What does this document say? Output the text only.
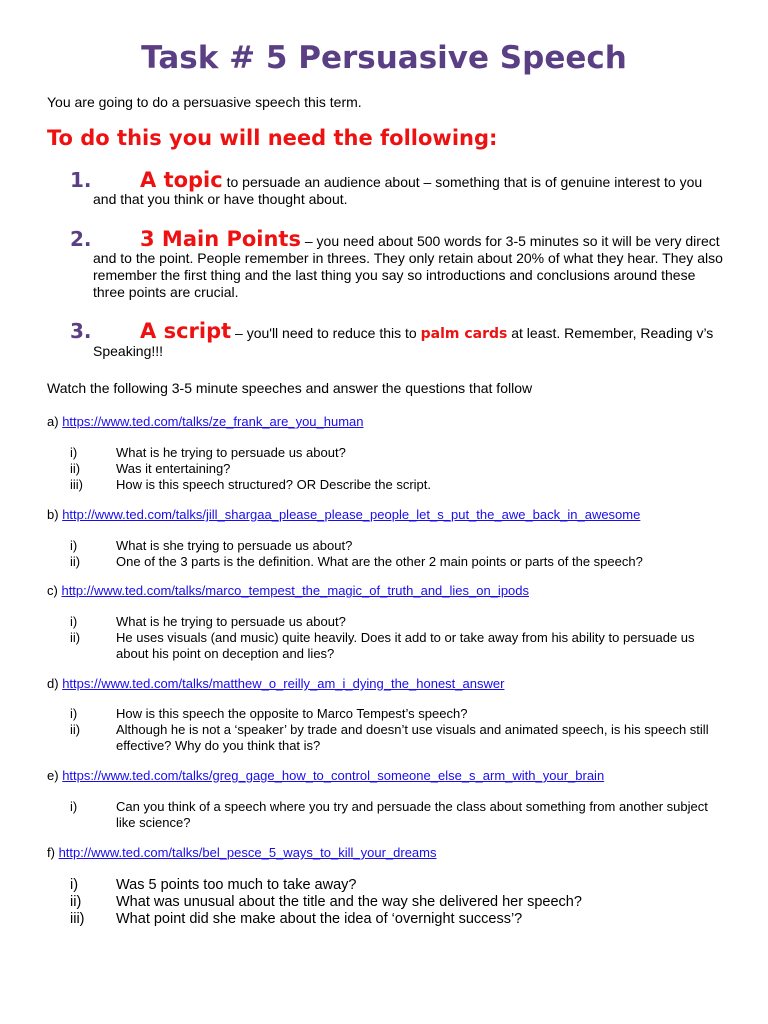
Task # 5 Persuasive Speech
You are going to do a persuasive speech this term.
To do this you will need the following:
1.	A topic to persuade an audience about – something that is of genuine interest to you and that you think or have thought about.
2.	3 Main Points – you need about 500 words for 3-5 minutes so it will be very direct and to the point. People remember in threes. They only retain about 20% of what they hear. They also remember the first thing and the last thing you say so introductions and conclusions around these three points are crucial.
3.	A script – you'll need to reduce this to palm cards at least. Remember, Reading v’s Speaking!!!
Watch the following 3-5 minute speeches and answer the questions that follow
a) https://www.ted.com/talks/ze_frank_are_you_human
i)	What is he trying to persuade us about?
ii)	Was it entertaining?
iii)	How is this speech structured? OR Describe the script.
b) http://www.ted.com/talks/jill_shargaa_please_please_people_let_s_put_the_awe_back_in_awesome
i)	What is she trying to persuade us about?
ii)	One of the 3 parts is the definition. What are the other 2 main points or parts of the speech?
c) http://www.ted.com/talks/marco_tempest_the_magic_of_truth_and_lies_on_ipods
i)	What is he trying to persuade us about?
ii)	He uses visuals (and music) quite heavily. Does it add to or take away from his ability to persuade us about his point on deception and lies?
d) https://www.ted.com/talks/matthew_o_reilly_am_i_dying_the_honest_answer
i)	How is this speech the opposite to Marco Tempest’s speech?
ii)	Although he is not a ‘speaker’ by trade and doesn’t use visuals and animated speech, is his speech still effective? Why do you think that is?
e) https://www.ted.com/talks/greg_gage_how_to_control_someone_else_s_arm_with_your_brain
i)	Can you think of a speech where you try and persuade the class about something from another subject like science?
f) http://www.ted.com/talks/bel_pesce_5_ways_to_kill_your_dreams
i)	Was 5 points too much to take away?
ii) What was unusual about the title and the way she delivered her speech?
iii) What point did she make about the idea of ‘overnight success’?
